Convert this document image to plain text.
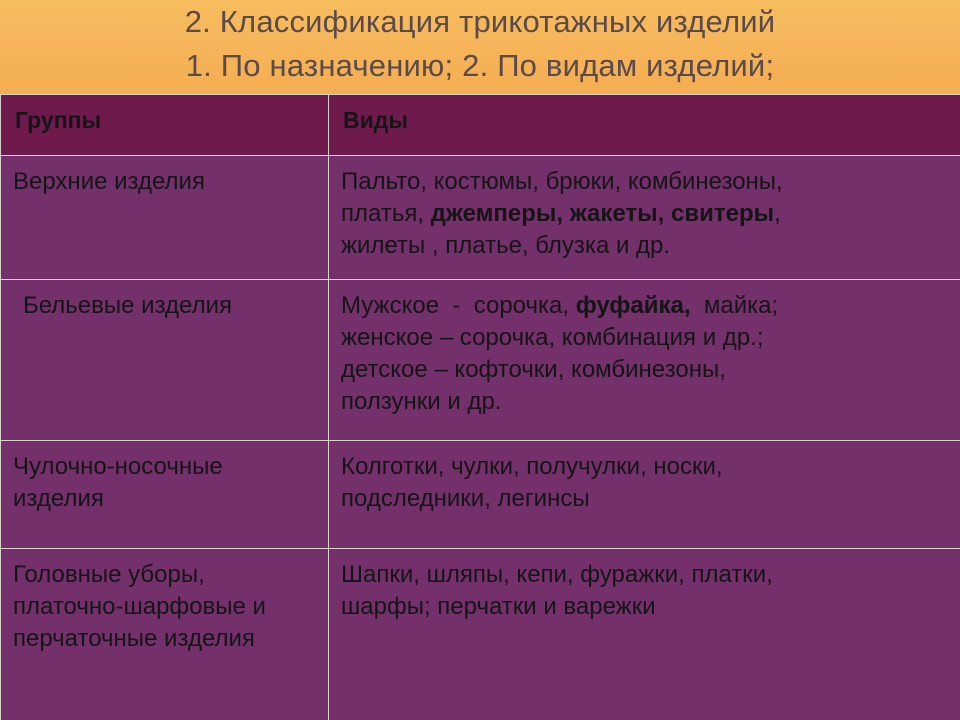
2. Классификация трикотажных изделий
1. По назначению; 2. По видам изделий;
Группы	Виды
Верхние изделия	Пальто, костюмы, брюки, комбинезоны,
платья, джемперы, жакеты, свитеры,
жилеты , платье, блузка и др.

Бельевые изделия	Мужское  -  сорочка, фуфайка,  майка;
женское – сорочка, комбинация и др.;
детское – кофточки, комбинезоны,
ползунки и др.

Чулочно-носочные изделия	Колготки, чулки, получулки, носки,
подследники, легинсы

Головные уборы, платочно-шарфовые и перчаточные изделия	Шапки, шляпы, кепи, фуражки, платки,
шарфы; перчатки и варежки
